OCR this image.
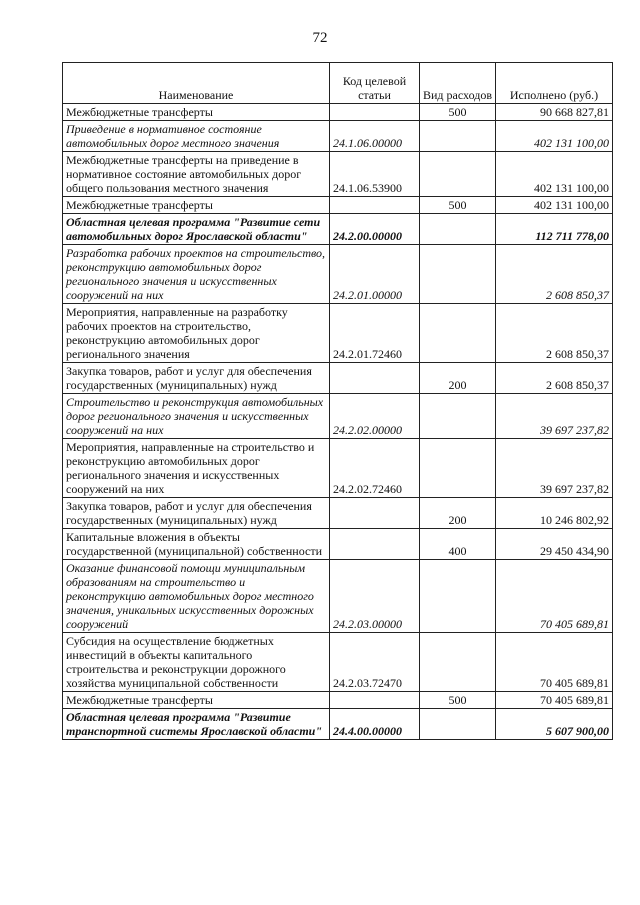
72
Наименование	Код целевой статьи	Вид расходов	Исполнено (руб.)
Межбюджетные трансферты		500	90 668 827,81
Приведение в нормативное состояние автомобильных дорог местного значения	24.1.06.00000		402 131 100,00
Межбюджетные трансферты на приведение в нормативное состояние автомобильных дорог общего пользования местного значения	24.1.06.53900		402 131 100,00
Межбюджетные трансферты		500	402 131 100,00
Областная целевая программа "Развитие сети автомобильных дорог Ярославской области"	24.2.00.00000		112 711 778,00
Разработка рабочих проектов на строительство, реконструкцию автомобильных дорог регионального значения и искусственных сооружений на них	24.2.01.00000		2 608 850,37
Мероприятия, направленные на разработку рабочих проектов на строительство, реконструкцию автомобильных дорог регионального значения	24.2.01.72460		2 608 850,37
Закупка товаров, работ и услуг для обеспечения государственных (муниципальных) нужд		200	2 608 850,37
Строительство и реконструкция автомобильных дорог регионального значения и искусственных сооружений на них	24.2.02.00000		39 697 237,82
Мероприятия, направленные на строительство и реконструкцию автомобильных дорог регионального значения и искусственных сооружений на них	24.2.02.72460		39 697 237,82
Закупка товаров, работ и услуг для обеспечения государственных (муниципальных) нужд		200	10 246 802,92
Капитальные вложения в объекты государственной (муниципальной) собственности		400	29 450 434,90
Оказание финансовой помощи муниципальным образованиям на строительство и реконструкцию автомобильных дорог местного значения, уникальных искусственных дорожных сооружений	24.2.03.00000		70 405 689,81
Субсидия на осуществление бюджетных инвестиций в объекты капитального строительства и реконструкции дорожного хозяйства муниципальной собственности	24.2.03.72470		70 405 689,81
Межбюджетные трансферты		500	70 405 689,81
Областная целевая программа "Развитие транспортной системы Ярославской области"	24.4.00.00000		5 607 900,00
